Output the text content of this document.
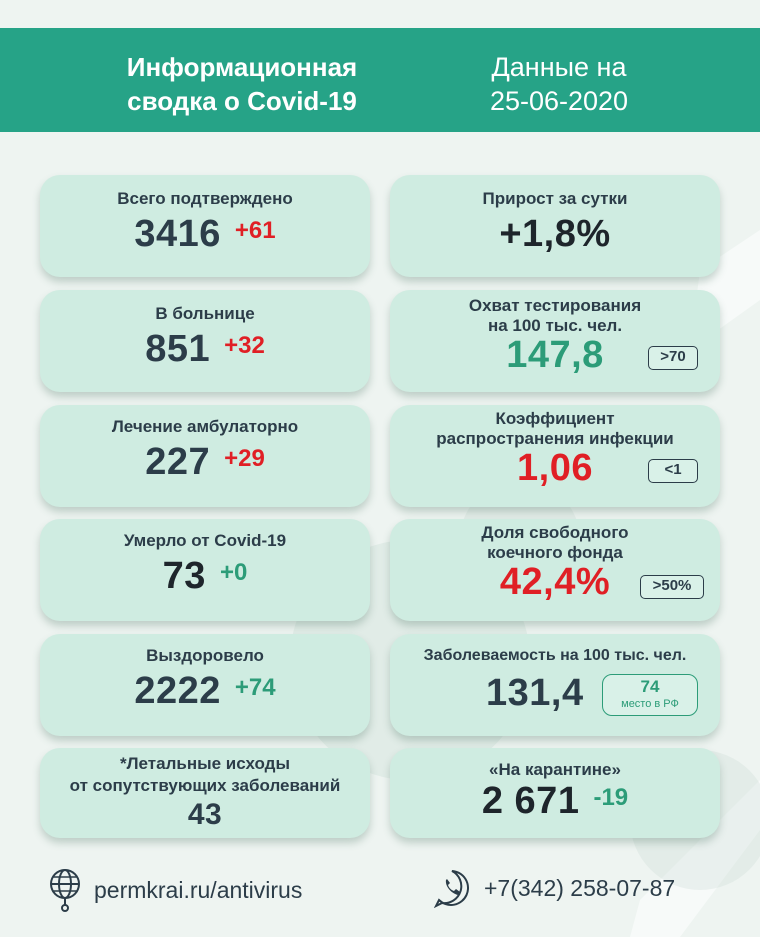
Информационная
сводка о Covid-19
Данные на
25-06-2020
Всего подтверждено
3416 +61
В больнице
851 +32
Лечение амбулаторно
227 +29
Умерло от Covid-19
73 +0
Выздоровело
2222 +74
*Летальные исходы
от сопутствующих заболеваний
43
Прирост за сутки
+1,8%
Охват тестирования
на 100 тыс. чел.
147,8	>70
Коэффициент
распространения инфекции
1,06	<1
Доля свободного
коечного фонда
42,4%	>50%
Заболеваемость на 100 тыс. чел.
131,4	74
место в РФ
«На карантине»
2 671 -19
permkrai.ru/antivirus	+7(342) 258-07-87
